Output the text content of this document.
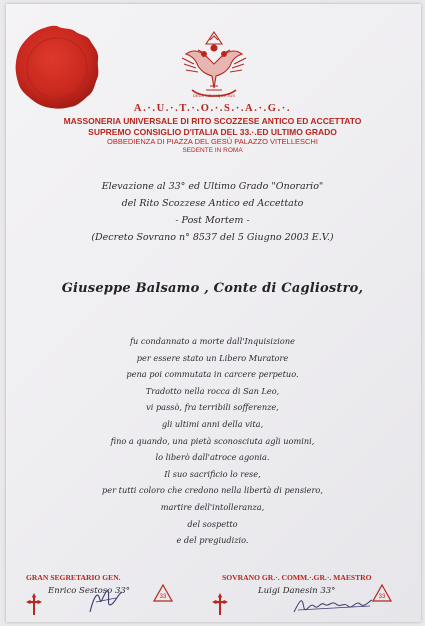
DEUS MEUMQUE JUS
A.·.U.·.T.·.O.·.S.·.A.·.G.·.
MASSONERIA UNIVERSALE DI RITO SCOZZESE ANTICO ED ACCETTATO
SUPREMO CONSIGLIO D'ITALIA DEL 33.·.ED ULTIMO GRADO
OBBEDIENZA DI PIAZZA DEL GESÙ PALAZZO VITELLESCHI
SEDENTE IN ROMA
Elevazione al 33° ed Ultimo Grado "Onorario"
del Rito Scozzese Antico ed Accettato
- Post Mortem -
(Decreto Sovrano n° 8537 del 5 Giugno 2003 E.V.)
Giuseppe Balsamo , Conte di Cagliostro,
fu condannato a morte dall'Inquisizione
per essere stato un Libero Muratore
pena poi commutata in carcere perpetuo.
Tradotto nella rocca di San Leo,
vi passò, fra terribili sofferenze,
gli ultimi anni della vita,
fino a quando, una pietà sconosciuta agli uomini,
lo liberò dall'atroce agonia.
Il suo sacrificio lo rese,
per tutti coloro che credono nella libertà di pensiero,
martire dell'intolleranza,
del sospetto
e del pregiudizio.
GRAN SEGRETARIO GEN.
Enrico Sestoso 33°
SOVRANO GR.·. COMM.·.GR.·. MAESTRO
Luigi Danesin 33°
33	33
